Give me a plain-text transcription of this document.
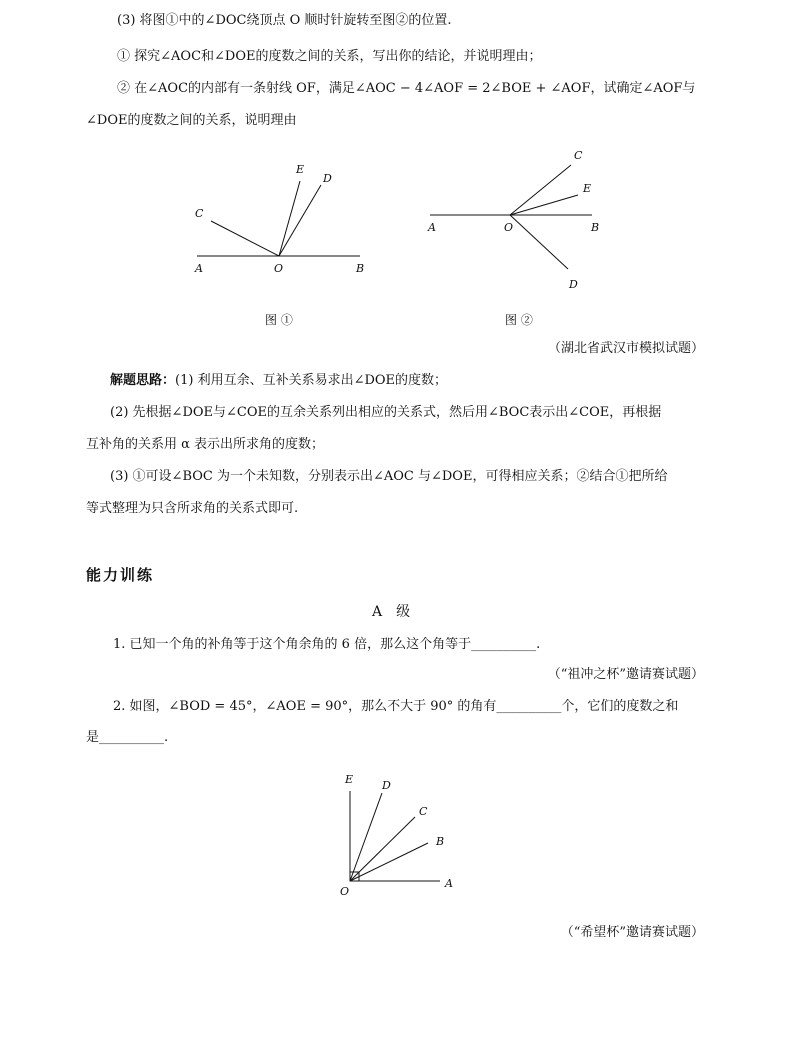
(3) 将图①中的∠DOC绕顶点 O 顺时针旋转至图②的位置.
① 探究∠AOC和∠DOE的度数之间的关系，写出你的结论，并说明理由；
② 在∠AOC的内部有一条射线 OF，满足∠AOC − 4∠AOF = 2∠BOE + ∠AOF，试确定∠AOF与
∠DOE的度数之间的关系，说明理由
A	O	B
C
E
D
图 ①
A	O	B
C
E
D
图 ②
（湖北省武汉市模拟试题）
解题思路：(1) 利用互余、互补关系易求出∠DOE的度数；
(2) 先根据∠DOE与∠COE的互余关系列出相应的关系式，然后用∠BOC表示出∠COE，再根据
互补角的关系用 α 表示出所求角的度数；
(3) ①可设∠BOC 为一个未知数，分别表示出∠AOC 与∠DOE，可得相应关系；②结合①把所给
等式整理为只含所求角的关系式即可.
能力训练
A　级
1. 已知一个角的补角等于这个角余角的 6 倍，那么这个角等于__________.
（“祖冲之杯”邀请赛试题）
2. 如图，∠BOD = 45°，∠AOE = 90°，那么不大于 90° 的角有__________个，它们的度数之和
是__________.
E	D
C
B
A
O
（“希望杯”邀请赛试题）
